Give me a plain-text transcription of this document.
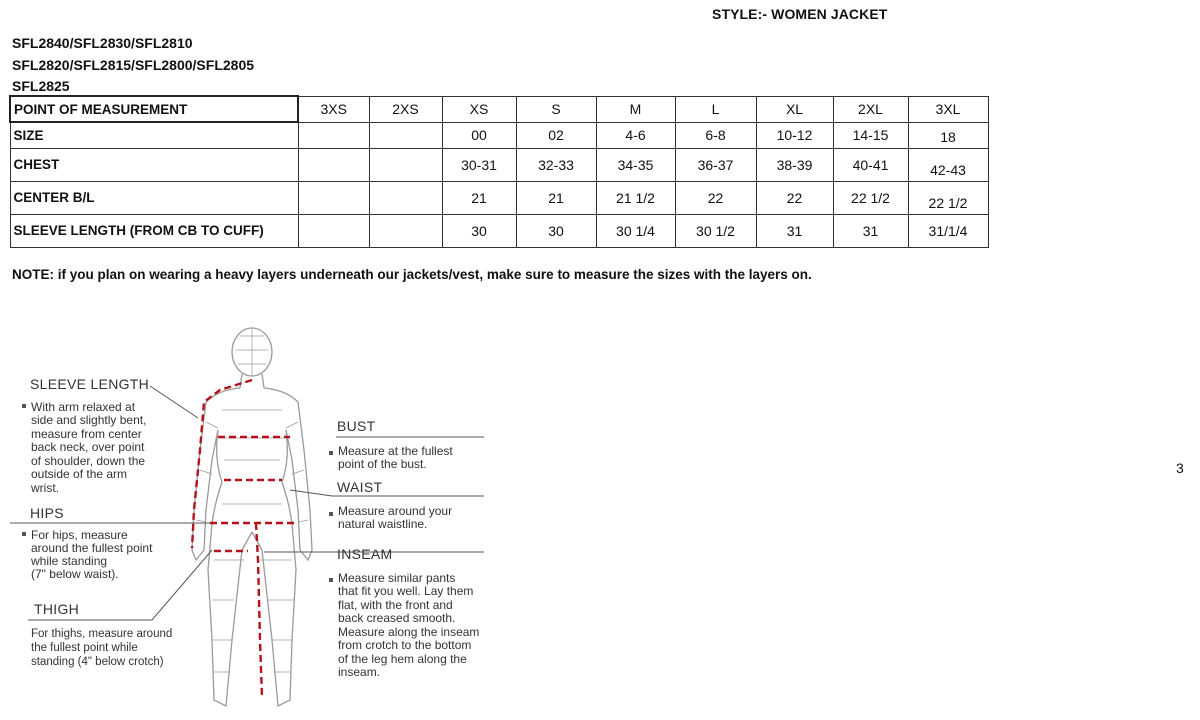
STYLE:- WOMEN JACKET
SFL2840/SFL2830/SFL2810
SFL2820/SFL2815/SFL2800/SFL2805
SFL2825
POINT OF MEASUREMENT	3XS	2XS	XS	S	M	L	XL	2XL	3XL
SIZE			00	02	4-6	6-8	10-12	14-15	18
CHEST			30-31	32-33	34-35	36-37	38-39	40-41	42-43
CENTER B/L			21	21	21 1/2	22	22	22 1/2	22 1/2
SLEEVE LENGTH (FROM CB TO CUFF)			30	30	30 1/4	30 1/2	31	31	31/1/4
NOTE: if you plan on wearing a heavy layers underneath our jackets/vest, make sure to measure the sizes with the layers on.
3
SLEEVE LENGTH
With arm relaxed at
side and slightly bent,
measure from center
back neck, over point
of shoulder, down the
outside of the arm
wrist.
HIPS
For hips, measure
around the fullest point
while standing
(7" below waist).
THIGH
For thighs, measure around
the fullest point while
standing (4" below crotch)
BUST
Measure at the fullest
point of the bust.
WAIST
Measure around your
natural waistline.
INSEAM
Measure similar pants
that fit you well. Lay them
flat, with the front and
back creased smooth.
Measure along the inseam
from crotch to the bottom
of the leg hem along the
inseam.
